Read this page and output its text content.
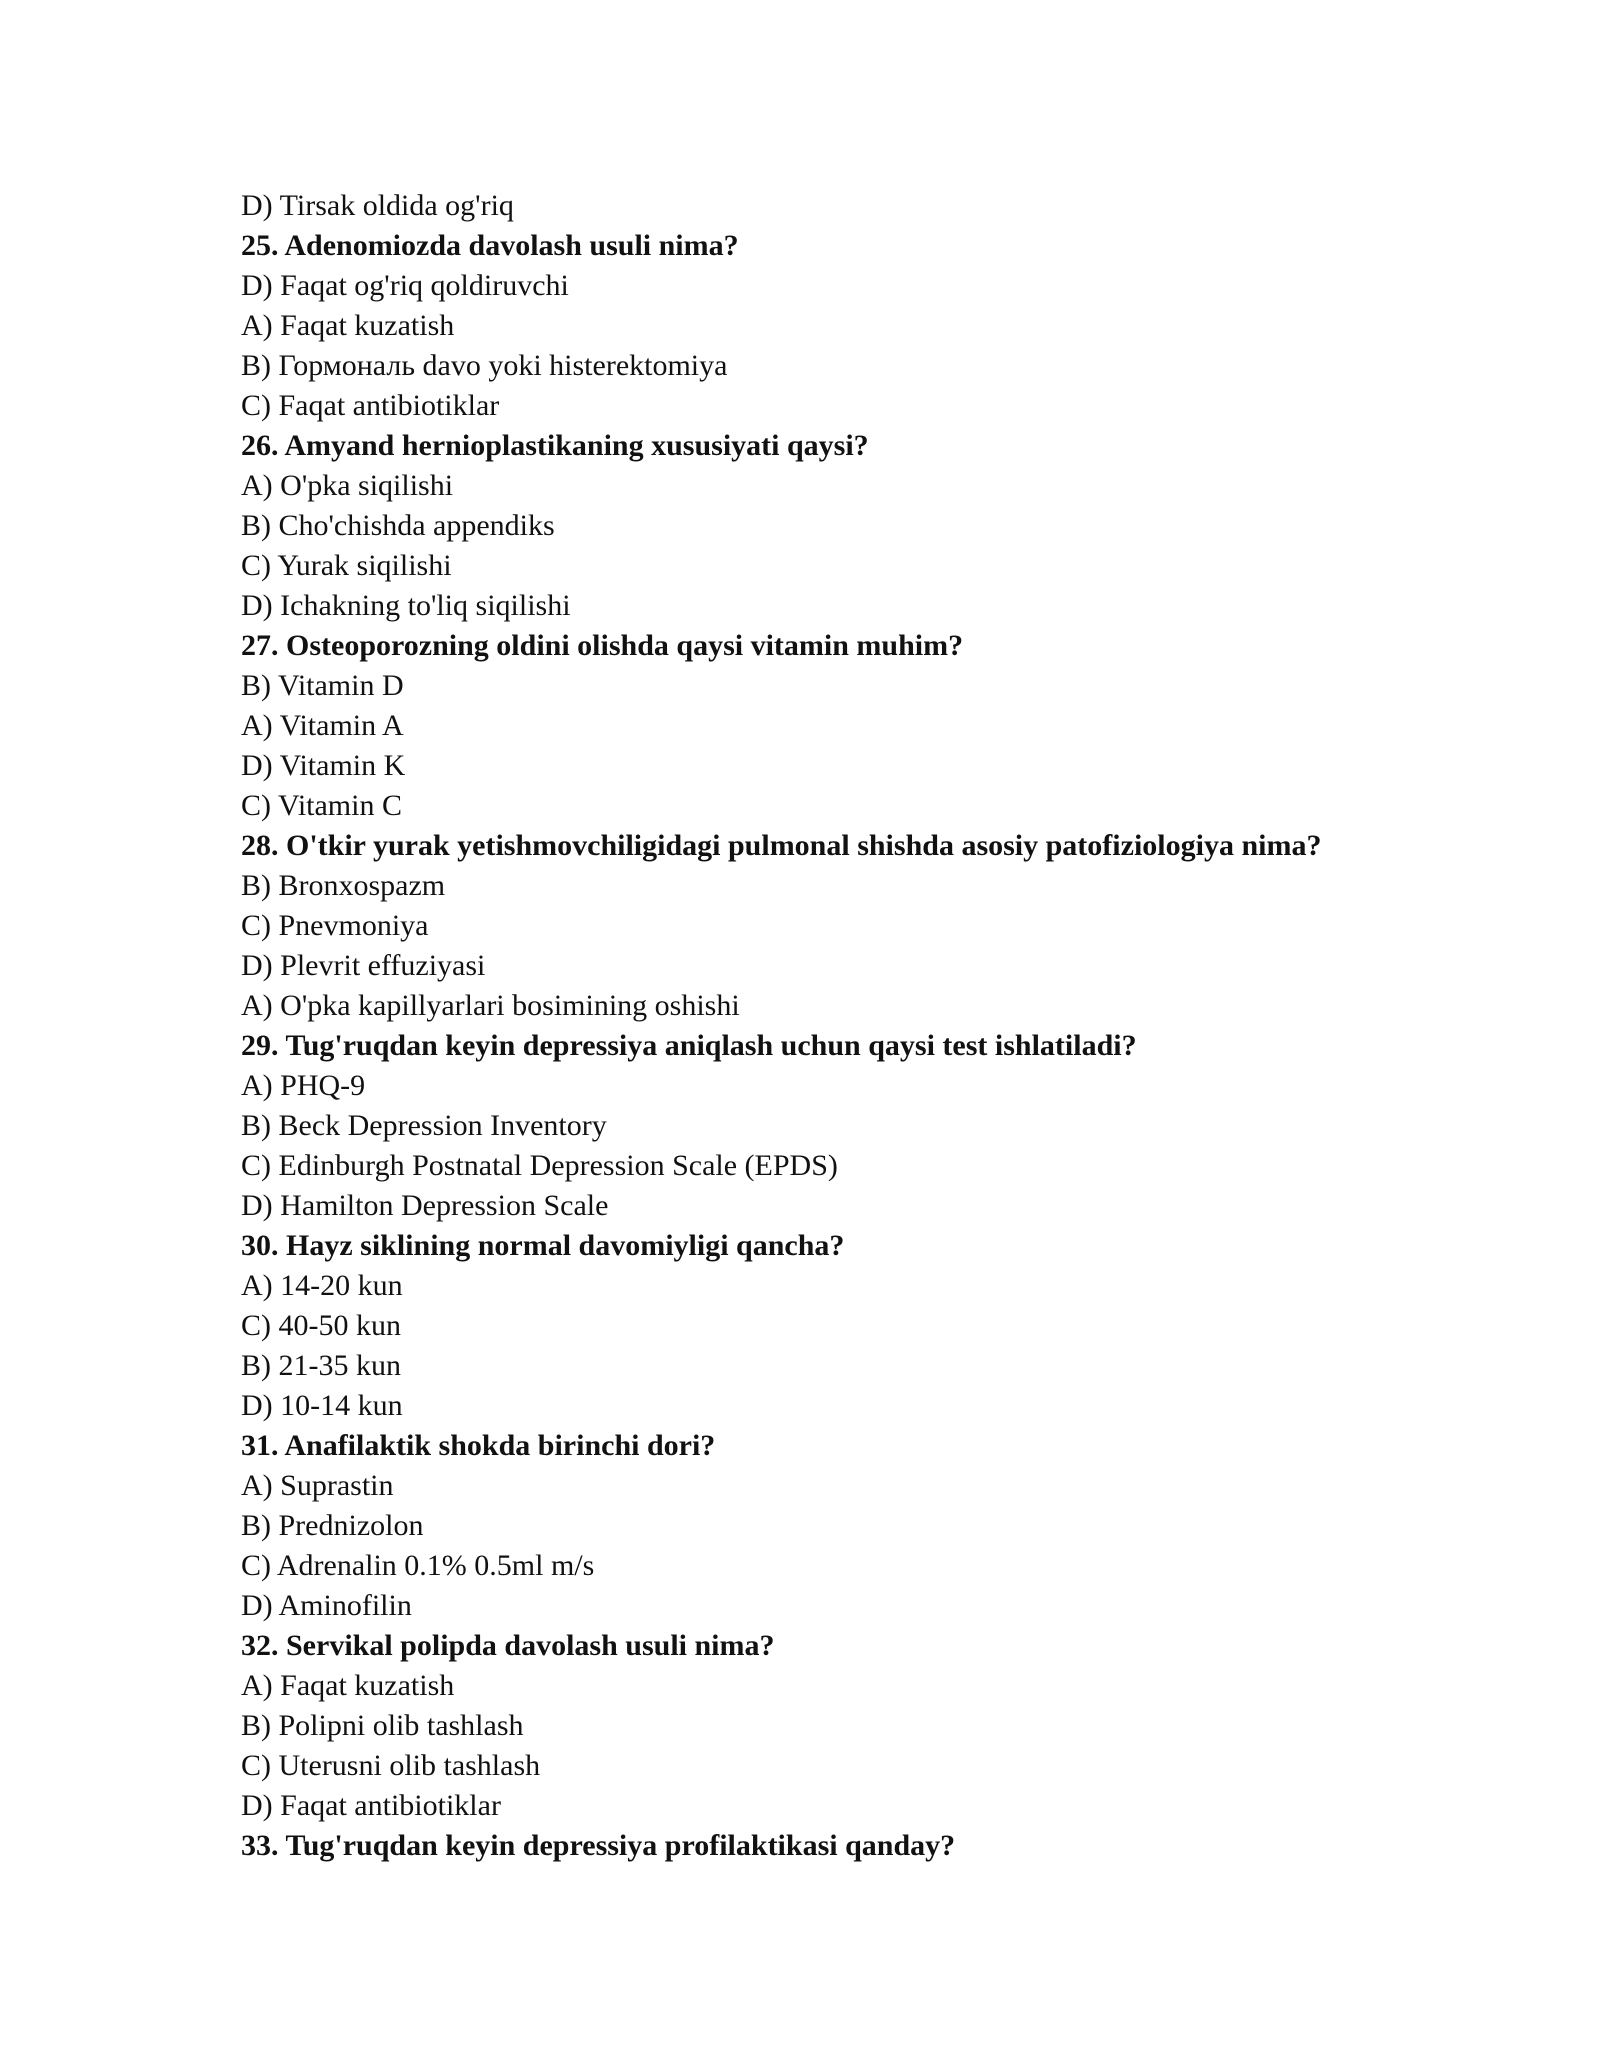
D) Tirsak oldida og'riq
25. Adenomiozda davolash usuli nima?
D) Faqat og'riq qoldiruvchi
A) Faqat kuzatish
B) Гормональ davo yoki histerektomiya
C) Faqat antibiotiklar
26. Amyand hernioplastikaning xususiyati qaysi?
A) O'pka siqilishi
B) Cho'chishda appendiks
C) Yurak siqilishi
D) Ichakning to'liq siqilishi
27. Osteoporozning oldini olishda qaysi vitamin muhim?
B) Vitamin D
A) Vitamin A
D) Vitamin K
C) Vitamin C
28. O'tkir yurak yetishmovchiligidagi pulmonal shishda asosiy patofiziologiya nima?
B) Bronxospazm
C) Pnevmoniya
D) Plevrit effuziyasi
A) O'pka kapillyarlari bosimining oshishi
29. Tug'ruqdan keyin depressiya aniqlash uchun qaysi test ishlatiladi?
A) PHQ-9
B) Beck Depression Inventory
C) Edinburgh Postnatal Depression Scale (EPDS)
D) Hamilton Depression Scale
30. Hayz siklining normal davomiyligi qancha?
A) 14-20 kun
C) 40-50 kun
B) 21-35 kun
D) 10-14 kun
31. Anafilaktik shokda birinchi dori?
A) Suprastin
B) Prednizolon
C) Adrenalin 0.1% 0.5ml m/s
D) Aminofilin
32. Servikal polipda davolash usuli nima?
A) Faqat kuzatish
B) Polipni olib tashlash
C) Uterusni olib tashlash
D) Faqat antibiotiklar
33. Tug'ruqdan keyin depressiya profilaktikasi qanday?
